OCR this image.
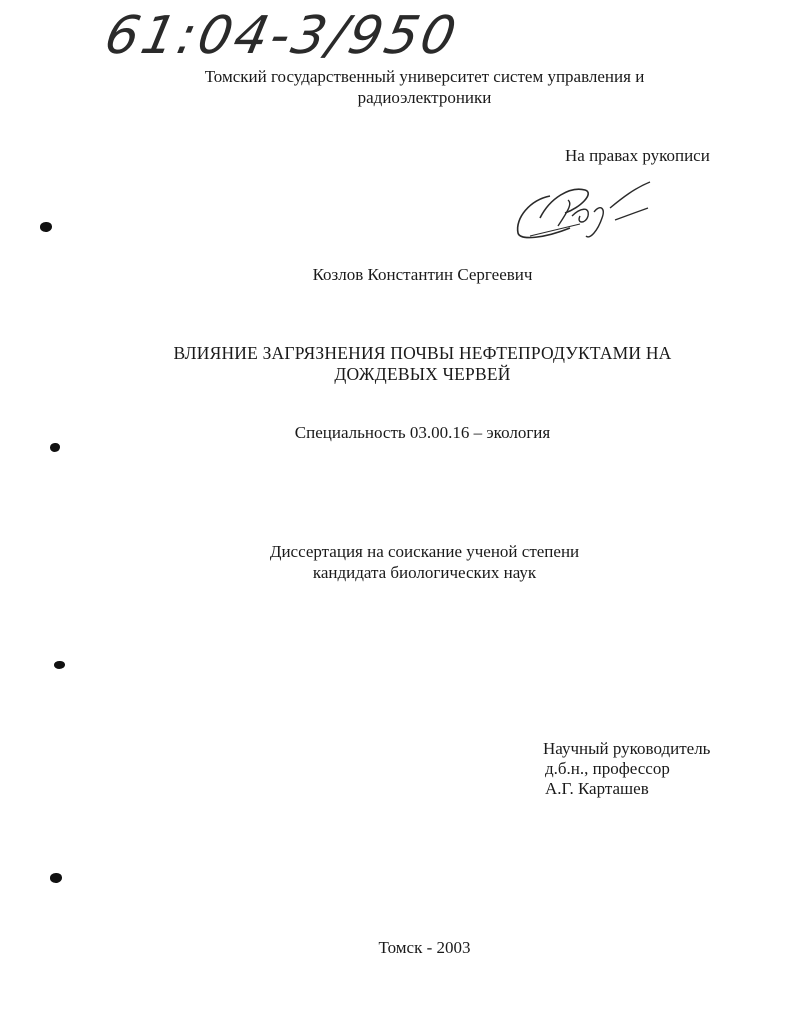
61:04-3/950
Томский государственный университет систем управления и
радиоэлектроники
На правах рукописи
Козлов Константин Сергеевич
ВЛИЯНИЕ ЗАГРЯЗНЕНИЯ ПОЧВЫ НЕФТЕПРОДУКТАМИ НА
ДОЖДЕВЫХ ЧЕРВЕЙ
Специальность 03.00.16 – экология
Диссертация на соискание ученой степени
кандидата биологических наук
Научный руководитель
д.б.н., профессор
А.Г. Карташев
Томск - 2003
